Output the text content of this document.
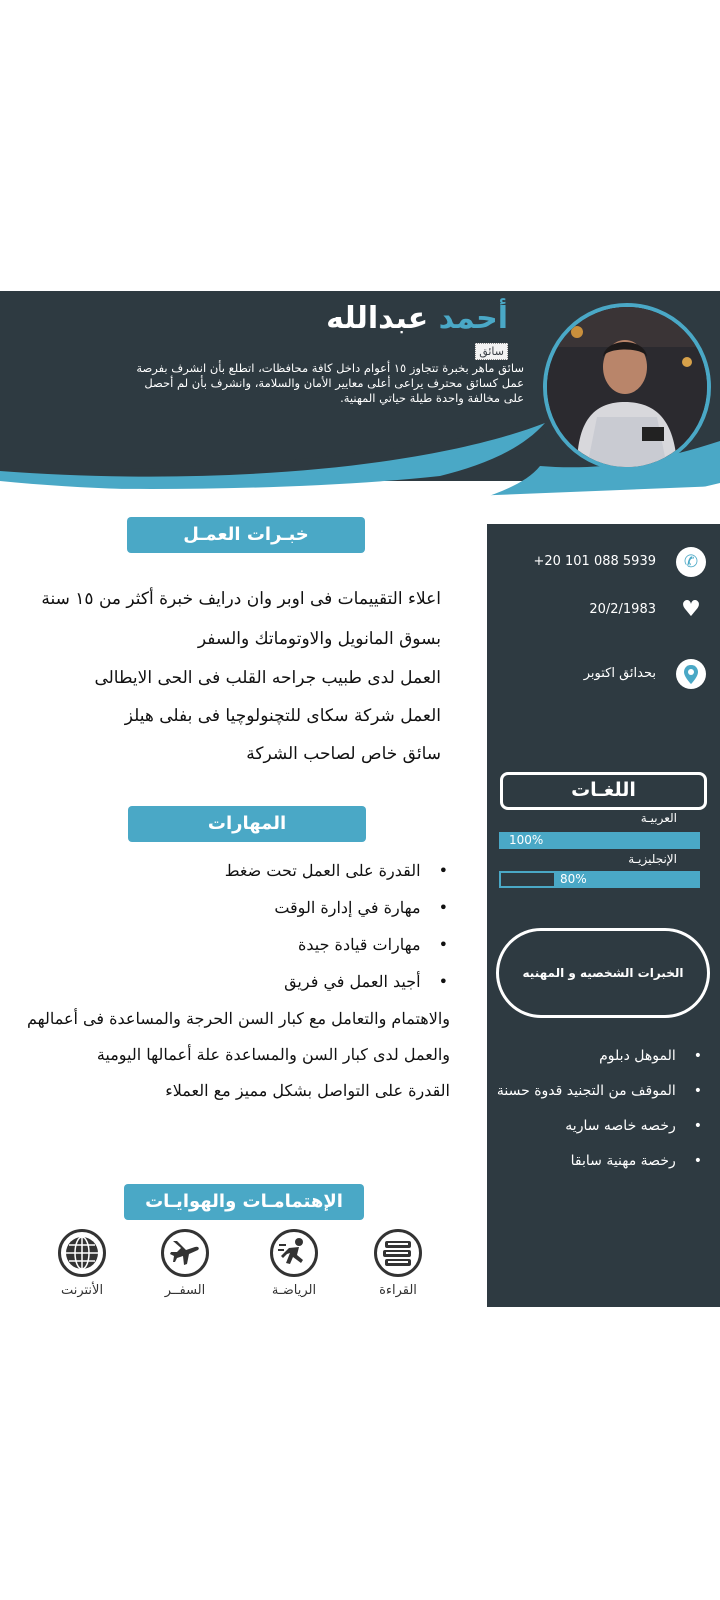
أحمد عبدالله
سائق
سائق ماهر بخبرة تتجاوز ١٥ أعوام داخل كافة محافظات، اتطلع بأن انشرف بفرصة عمل كسائق محترف يراعى أعلى معايير الأمان والسلامة، وانشرف بأن لم أحصل على مخالفة واحدة طيلة حياتي المهنية.
✆
+20 101 088 5939
♥
20/2/1983
بحدائق اكتوبر
اللغـات
العربيـة
100%
الإنجليزيـة
80%
الخبرات الشخصيه و المهنيه
• الموهل دبلوم
• الموقف من التجنيد قدوة حسنة
• رخصه خاصه ساريه
• رخصة مهنية سابقا
خبـرات العمـل
اعلاء التقييمات فى اوبر وان درايف خبرة أكثر من ١٥ سنة
بسوق المانويل والاوتوماتك والسفر
العمل لدى طبيب جراحه القلب فى الحى الايطالى
العمل شركة سكاى للتچنولوچيا فى بفلى هيلز
سائق خاص لصاحب الشركة
المهارات
• القدرة على العمل تحت ضغط
• مهارة في إدارة الوقت
• مهارات قيادة جيدة
• أجيد العمل في فريق
والاهتمام والتعامل مع كبار السن الحرجة والمساعدة فى أعمالهم
والعمل لدى كبار السن والمساعدة علة أعمالها اليومية
القدرة على التواصل بشكل مميز مع العملاء
الإهتمامـات والهوايـات
القراءة
الرياضـة
السفــر
الأنترنت
